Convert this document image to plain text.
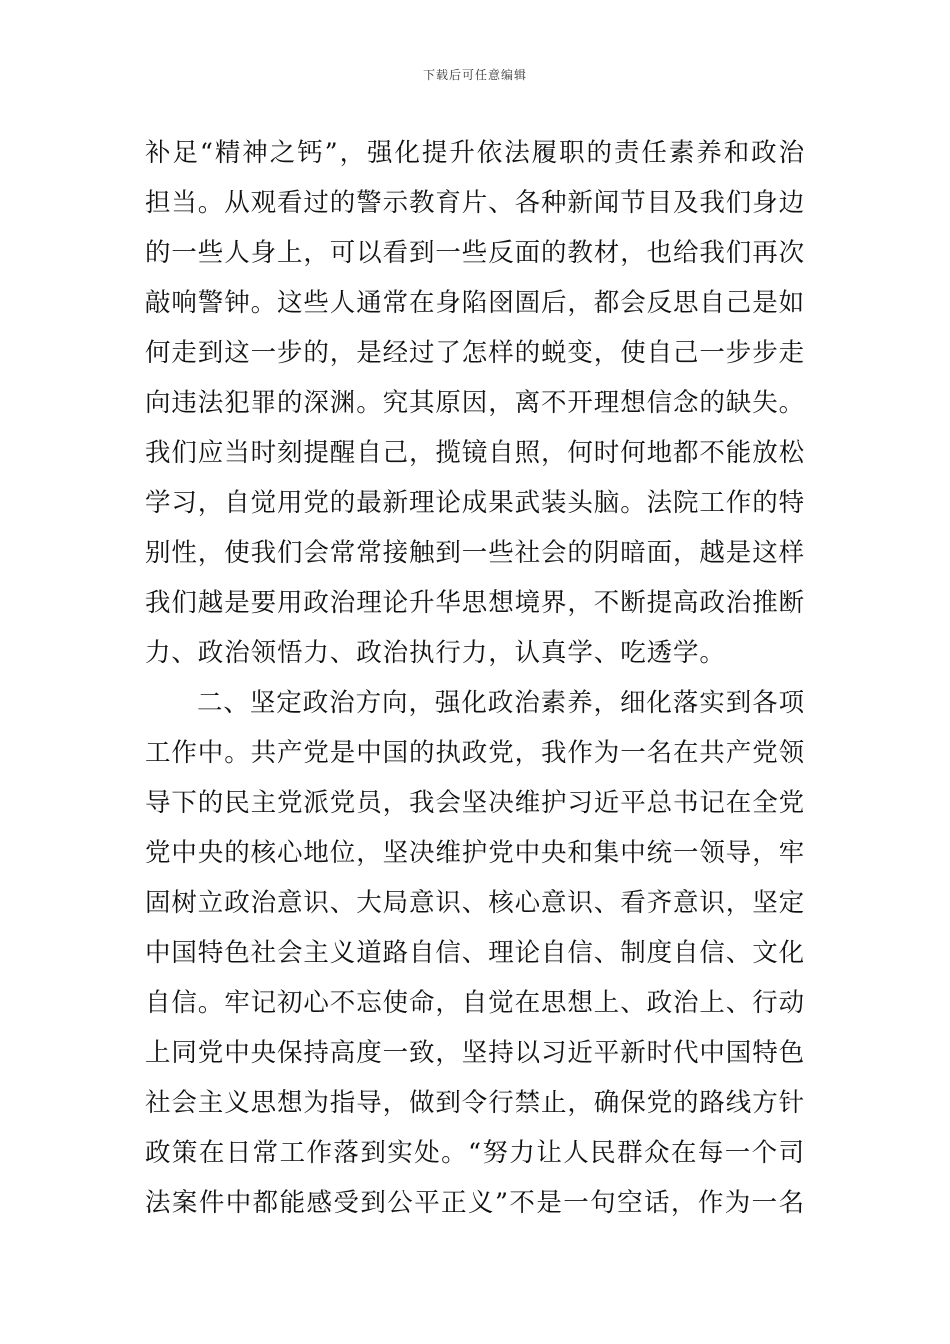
下载后可任意编辑
补足“精神之钙”，强化提升依法履职的责任素养和政治
担当。从观看过的警示教育片、各种新闻节目及我们身边
的一些人身上，可以看到一些反面的教材，也给我们再次
敲响警钟。这些人通常在身陷囹圄后，都会反思自己是如
何走到这一步的，是经过了怎样的蜕变，使自己一步步走
向违法犯罪的深渊。究其原因，离不开理想信念的缺失。
我们应当时刻提醒自己，揽镜自照，何时何地都不能放松
学习，自觉用党的最新理论成果武装头脑。法院工作的特
别性，使我们会常常接触到一些社会的阴暗面，越是这样
我们越是要用政治理论升华思想境界，不断提高政治推断
力、政治领悟力、政治执行力，认真学、吃透学。
二、坚定政治方向，强化政治素养，细化落实到各项
工作中。共产党是中国的执政党，我作为一名在共产党领
导下的民主党派党员，我会坚决维护习近平总书记在全党
党中央的核心地位，坚决维护党中央和集中统一领导，牢
固树立政治意识、大局意识、核心意识、看齐意识，坚定
中国特色社会主义道路自信、理论自信、制度自信、文化
自信。牢记初心不忘使命，自觉在思想上、政治上、行动
上同党中央保持高度一致，坚持以习近平新时代中国特色
社会主义思想为指导，做到令行禁止，确保党的路线方针
政策在日常工作落到实处。“努力让人民群众在每一个司
法案件中都能感受到公平正义”不是一句空话，作为一名
